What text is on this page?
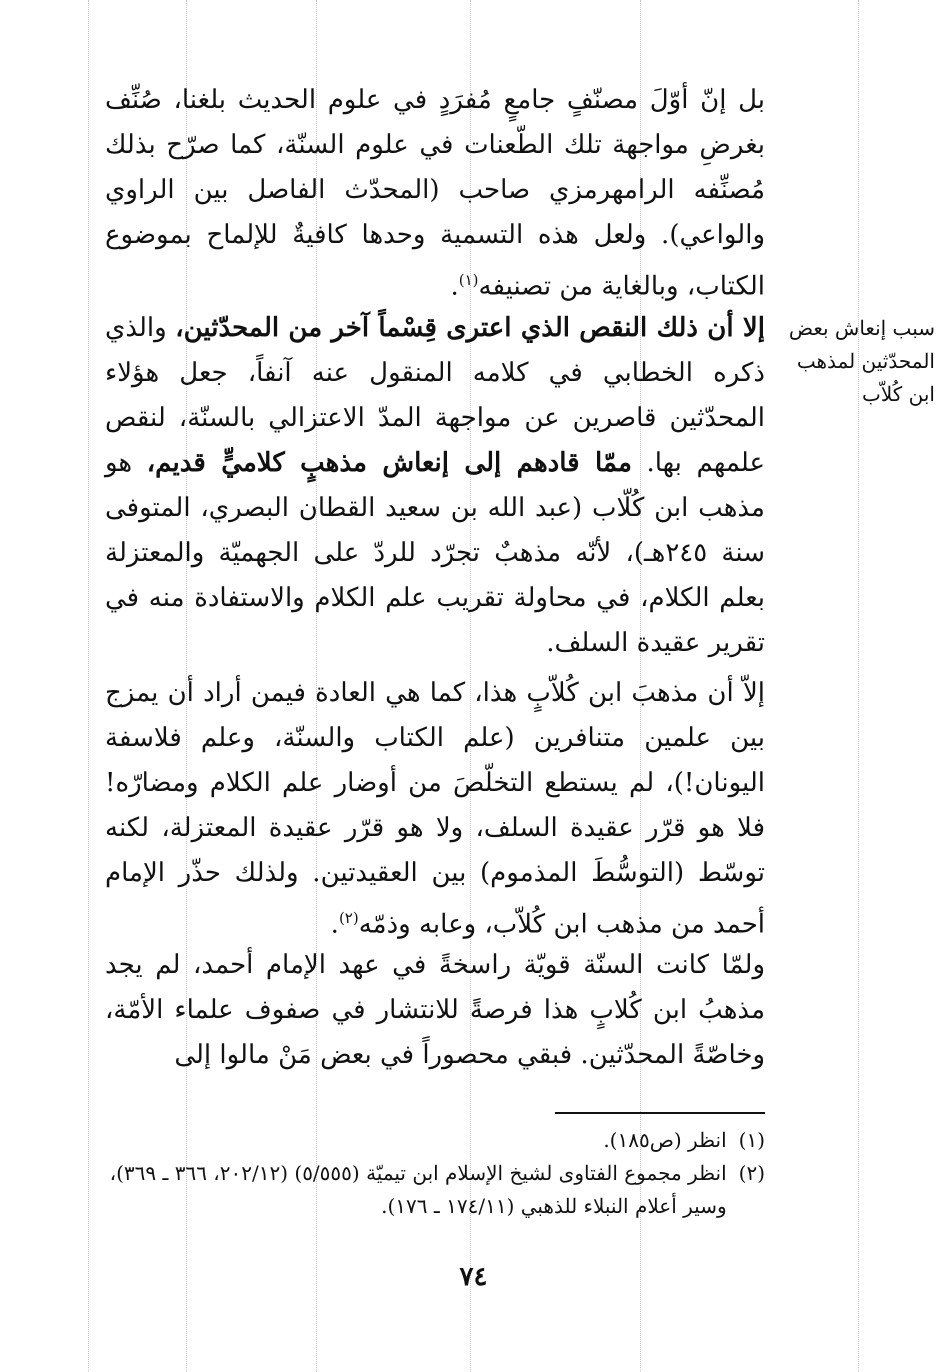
بل إنّ أوّلَ مصنّفٍ جامعٍ مُفرَدٍ في علوم الحديث بلغنا، صُنِّف بغرضِ مواجهة تلك الطّعنات في علوم السنّة، كما صرّح بذلك مُصنِّفه الرامهرمزي صاحب (المحدّث الفاصل بين الراوي والواعي). ولعل هذه التسمية وحدها كافيةٌ للإلماح بموضوع الكتاب، وبالغاية من تصنيفه$^{(١)}$.

سبب إنعاش بعض المحدّثين لمذهب ابن كُلاّب

إلا أن ذلك النقص الذي اعترى قِسْماً آخر من المحدّثين، والذي ذكره الخطابي في كلامه المنقول عنه آنفاً، جعل هؤلاء المحدّثين قاصرين عن مواجهة المدّ الاعتزالي بالسنّة، لنقص علمهم بها. ممّا قادهم إلى إنعاش مذهبٍ كلاميٍّ قديم، هو مذهب ابن كُلّاب (عبد الله بن سعيد القطان البصري، المتوفى سنة ٢٤٥هـ)، لأنّه مذهبٌ تجرّد للردّ على الجهميّة والمعتزلة بعلم الكلام، في محاولة تقريب علم الكلام والاستفادة منه في تقرير عقيدة السلف.

إلاّ أن مذهبَ ابن كُلاّبٍ هذا، كما هي العادة فيمن أراد أن يمزج بين علمين متنافرين (علم الكتاب والسنّة، وعلم فلاسفة اليونان!)، لم يستطع التخلّصَ من أوضار علم الكلام ومضارّه! فلا هو قرّر عقيدة السلف، ولا هو قرّر عقيدة المعتزلة، لكنه توسّط (التوسُّطَ المذموم) بين العقيدتين. ولذلك حذّر الإمام أحمد من مذهب ابن كُلاّب، وعابه وذمّه$^{(٢)}$.

ولمّا كانت السنّة قويّة راسخةً في عهد الإمام أحمد، لم يجد مذهبُ ابن كُلابٍ هذا فرصةً للانتشار في صفوف علماء الأمّة، وخاصّةً المحدّثين. فبقي محصوراً في بعض مَنْ مالوا إلى

(١)
انظر (ص١٨٥).
(٢)
انظر مجموع الفتاوى لشيخ الإسلام ابن تيميّة (٥/٥٥٥) (٢٠٢/١٢، ٣٦٦ ـ ٣٦٩)، وسير أعلام النبلاء للذهبي (١٧٤/١١ ـ ١٧٦).
٧٤
